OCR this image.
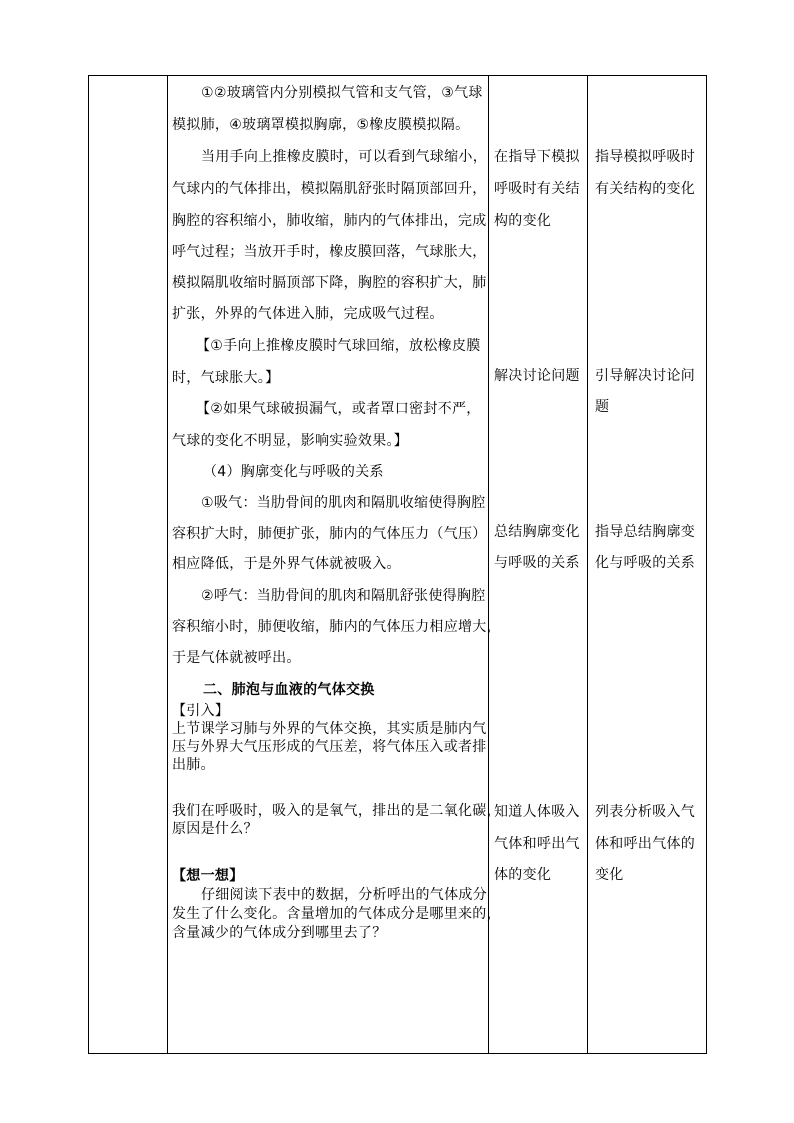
①②玻璃管内分别模拟气管和支气管，③气球
模拟肺，④玻璃罩模拟胸廓，⑤橡皮膜模拟隔。
当用手向上推橡皮膜时，可以看到气球缩小，
气球内的气体排出，模拟隔肌舒张时隔顶部回升，
胸腔的容积缩小，肺收缩，肺内的气体排出，完成
呼气过程；当放开手时，橡皮膜回落，气球胀大，
模拟隔肌收缩时膈顶部下降，胸腔的容积扩大，肺
扩张，外界的气体进入肺，完成吸气过程。
【①手向上推橡皮膜时气球回缩，放松橡皮膜
时，气球胀大。】
【②如果气球破损漏气，或者罩口密封不严，
气球的变化不明显，影响实验效果。】
（4）胸廓变化与呼吸的关系
①吸气：当肋骨间的肌肉和隔肌收缩使得胸腔
容积扩大时，肺便扩张，肺内的气体压力（气压）
相应降低，于是外界气体就被吸入。
②呼气：当肋骨间的肌肉和隔肌舒张使得胸腔
容积缩小时，肺便收缩，肺内的气体压力相应增大，
于是气体就被呼出。
二、肺泡与血液的气体交换
【引入】
上节课学习肺与外界的气体交换，其实质是肺内气
压与外界大气压形成的气压差，将气体压入或者排
出肺。
我们在呼吸时，吸入的是氧气，排出的是二氧化碳，
原因是什么？
【想一想】
仔细阅读下表中的数据，分析呼出的气体成分
发生了什么变化。含量增加的气体成分是哪里来的，
含量减少的气体成分到哪里去了？
在指导下模拟
呼吸时有关结
构的变化
解决讨论问题
总结胸廓变化
与呼吸的关系
知道人体吸入
气体和呼出气
体的变化
指导模拟呼吸时
有关结构的变化
引导解决讨论问
题
指导总结胸廓变
化与呼吸的关系
列表分析吸入气
体和呼出气体的
变化
